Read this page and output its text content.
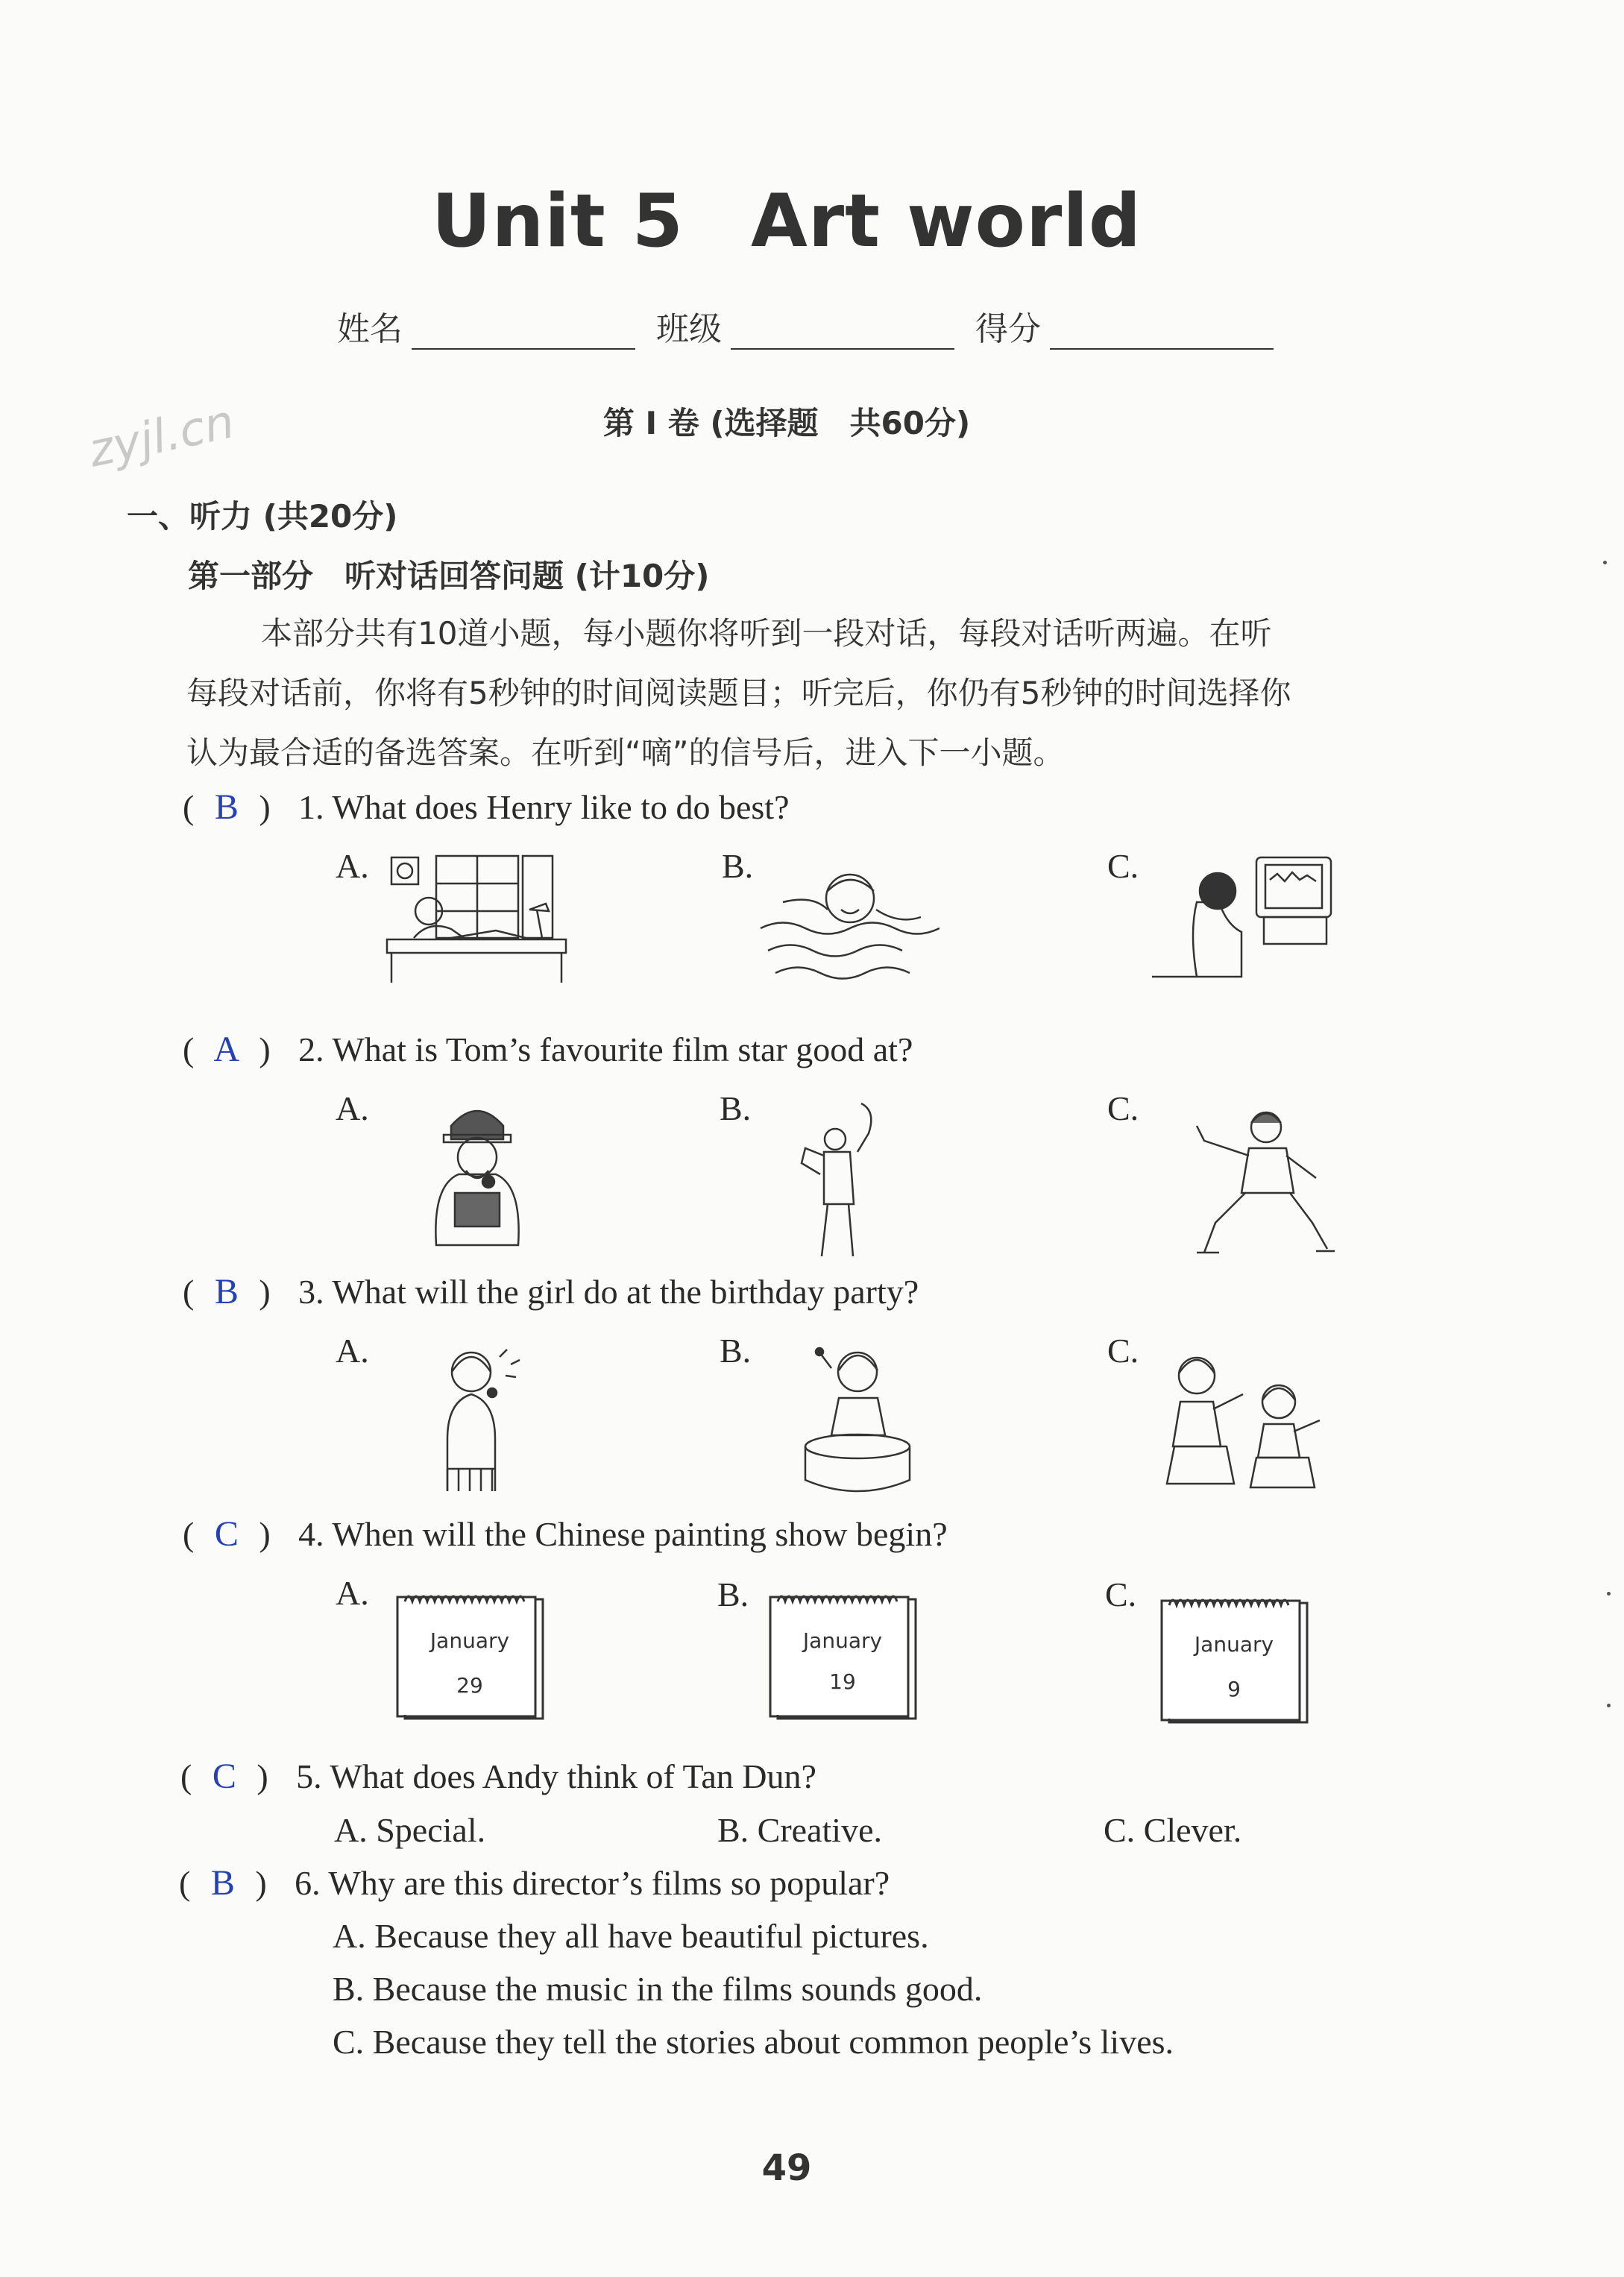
Unit 5 Art world
姓名	班级	得分
第 I 卷 (选择题　共60分)
zyjl.cn
一、听力 (共20分)
第一部分　听对话回答问题 (计10分)
本部分共有10道小题，每小题你将听到一段对话，每段对话听两遍。在听
每段对话前，你将有5秒钟的时间阅读题目；听完后，你仍有5秒钟的时间选择你
认为最合适的备选答案。在听到“嘀”的信号后，进入下一小题。
( B ) 1. What does Henry like to do best?
A.	B.	C.
( A ) 2. What is Tom’s favourite film star good at?
A.	B.	C.
( B ) 3. What will the girl do at the birthday party?
A.	B.	C.
( C ) 4. When will the Chinese painting show begin?
A.	B.	C.
January
29
January
19
January
9
( C ) 5. What does Andy think of Tan Dun?
A. Special.	B. Creative.	C. Clever.
( B ) 6. Why are this director’s films so popular?
A. Because they all have beautiful pictures.
B. Because the music in the films sounds good.
C. Because they tell the stories about common people’s lives.
49
